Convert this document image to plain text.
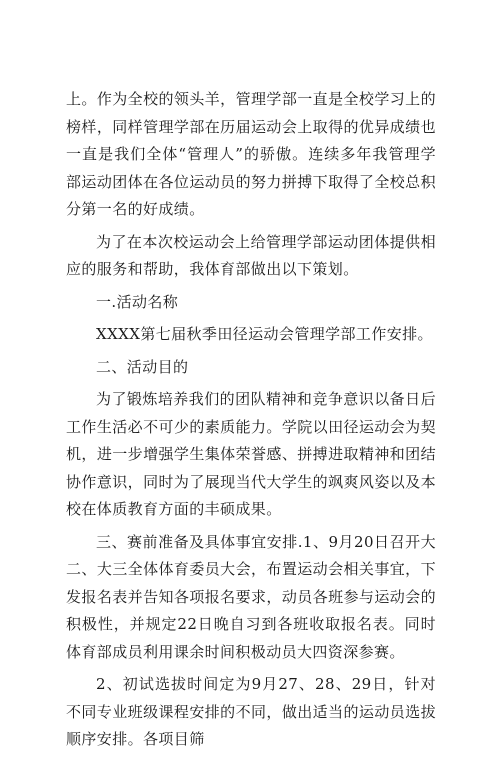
上。作为全校的领头羊，管理学部一直是全校学习上的榜样，同样管理学部在历届运动会上取得的优异成绩也一直是我们全体“管理人”的骄傲。连续多年我管理学部运动团体在各位运动员的努力拼搏下取得了全校总积分第一名的好成绩。

为了在本次校运动会上给管理学部运动团体提供相应的服务和帮助，我体育部做出以下策划。

一.活动名称

XXXX第七届秋季田径运动会管理学部工作安排。

二、活动目的

为了锻炼培养我们的团队精神和竞争意识以备日后工作生活必不可少的素质能力。学院以田径运动会为契机，进一步增强学生集体荣誉感、拼搏进取精神和团结协作意识，同时为了展现当代大学生的飒爽风姿以及本校在体质教育方面的丰硕成果。

三、赛前准备及具体事宜安排.1、9月20日召开大二、大三全体体育委员大会，布置运动会相关事宜，下发报名表并告知各项报名要求，动员各班参与运动会的积极性，并规定22日晚自习到各班收取报名表。同时体育部成员利用课余时间积极动员大四资深参赛。

2、初试选拔时间定为9月27、28、29日，针对不同专业班级课程安排的不同，做出适当的运动员选拔顺序安排。各项目筛
